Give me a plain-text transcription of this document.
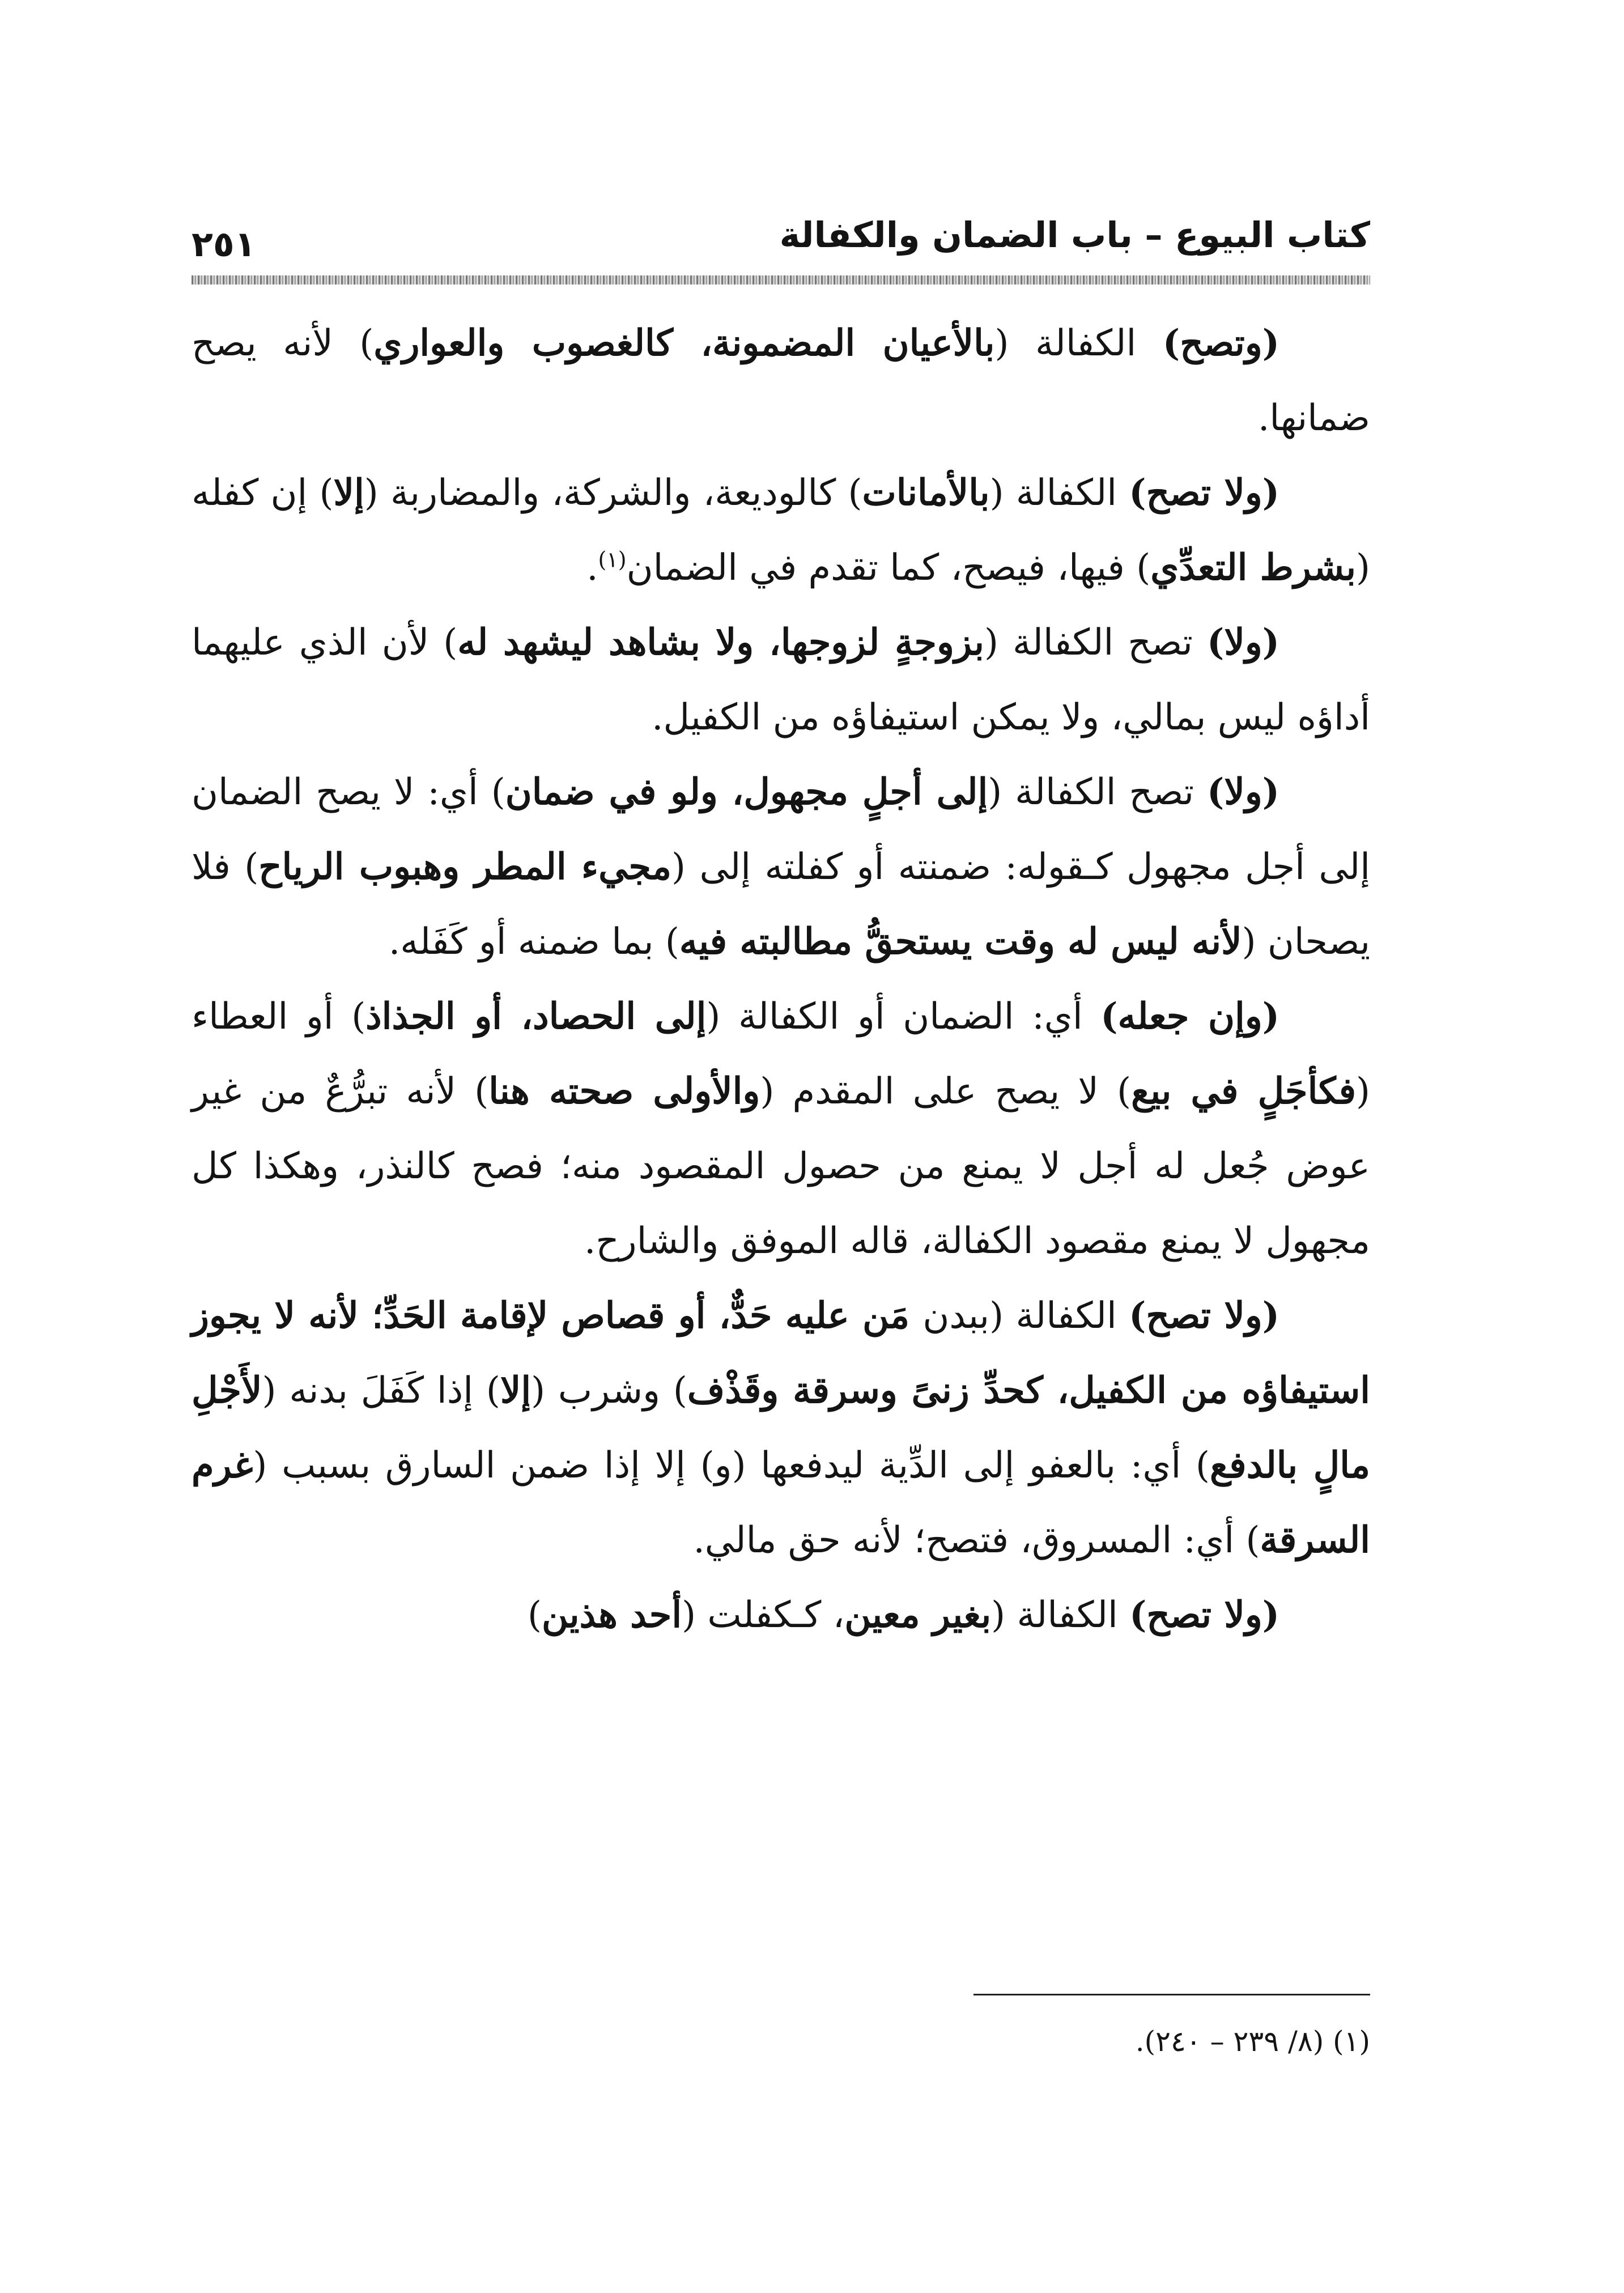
كتاب البيوع – باب الضمان والكفالة
٢٥١

(وتصح) الكفالة (بالأعيان المضمونة، كالغصوب والعواري) لأنه يصح ضمانها.

(ولا تصح) الكفالة (بالأمانات) كالوديعة، والشركة، والمضاربة (إلا) إن كفله (بشرط التعدِّي) فيها، فيصح، كما تقدم في الضمان$^{(١)}$.

(ولا) تصح الكفالة (بزوجةٍ لزوجها، ولا بشاهد ليشهد له) لأن الذي عليهما أداؤه ليس بمالي، ولا يمكن استيفاؤه من الكفيل.

(ولا) تصح الكفالة (إلى أجلٍ مجهول، ولو في ضمان) أي: لا يصح الضمان إلى أجل مجهول كـقوله: ضمنته أو كفلته إلى (مجيء المطر وهبوب الرياح) فلا يصحان (لأنه ليس له وقت يستحقُّ مطالبته فيه) بما ضمنه أو كَفَله.

(وإن جعله) أي: الضمان أو الكفالة (إلى الحصاد، أو الجذاذ) أو العطاء (فكأجَلٍ في بيع) لا يصح على المقدم (والأولى صحته هنا) لأنه تبرُّعٌ من غير عوض جُعل له أجل لا يمنع من حصول المقصود منه؛ فصح كالنذر، وهكذا كل مجهول لا يمنع مقصود الكفالة، قاله الموفق والشارح.

(ولا تصح) الكفالة (ببدن مَن عليه حَدٌّ، أو قصاص لإقامة الحَدِّ؛ لأنه لا يجوز استيفاؤه من الكفيل، كحدِّ زنىً وسرقة وقَذْف) وشرب (إلا) إذا كَفَلَ بدنه (لأَجْلِ مالٍ بالدفع) أي: بالعفو إلى الدِّية ليدفعها (و) إلا إذا ضمن السارق بسبب (غرم السرقة) أي: المسروق، فتصح؛ لأنه حق مالي.

(ولا تصح) الكفالة (بغير معين، كـكفلت (أحد هذين)

(١) (٨/ ٢٣٩ – ٢٤٠).
